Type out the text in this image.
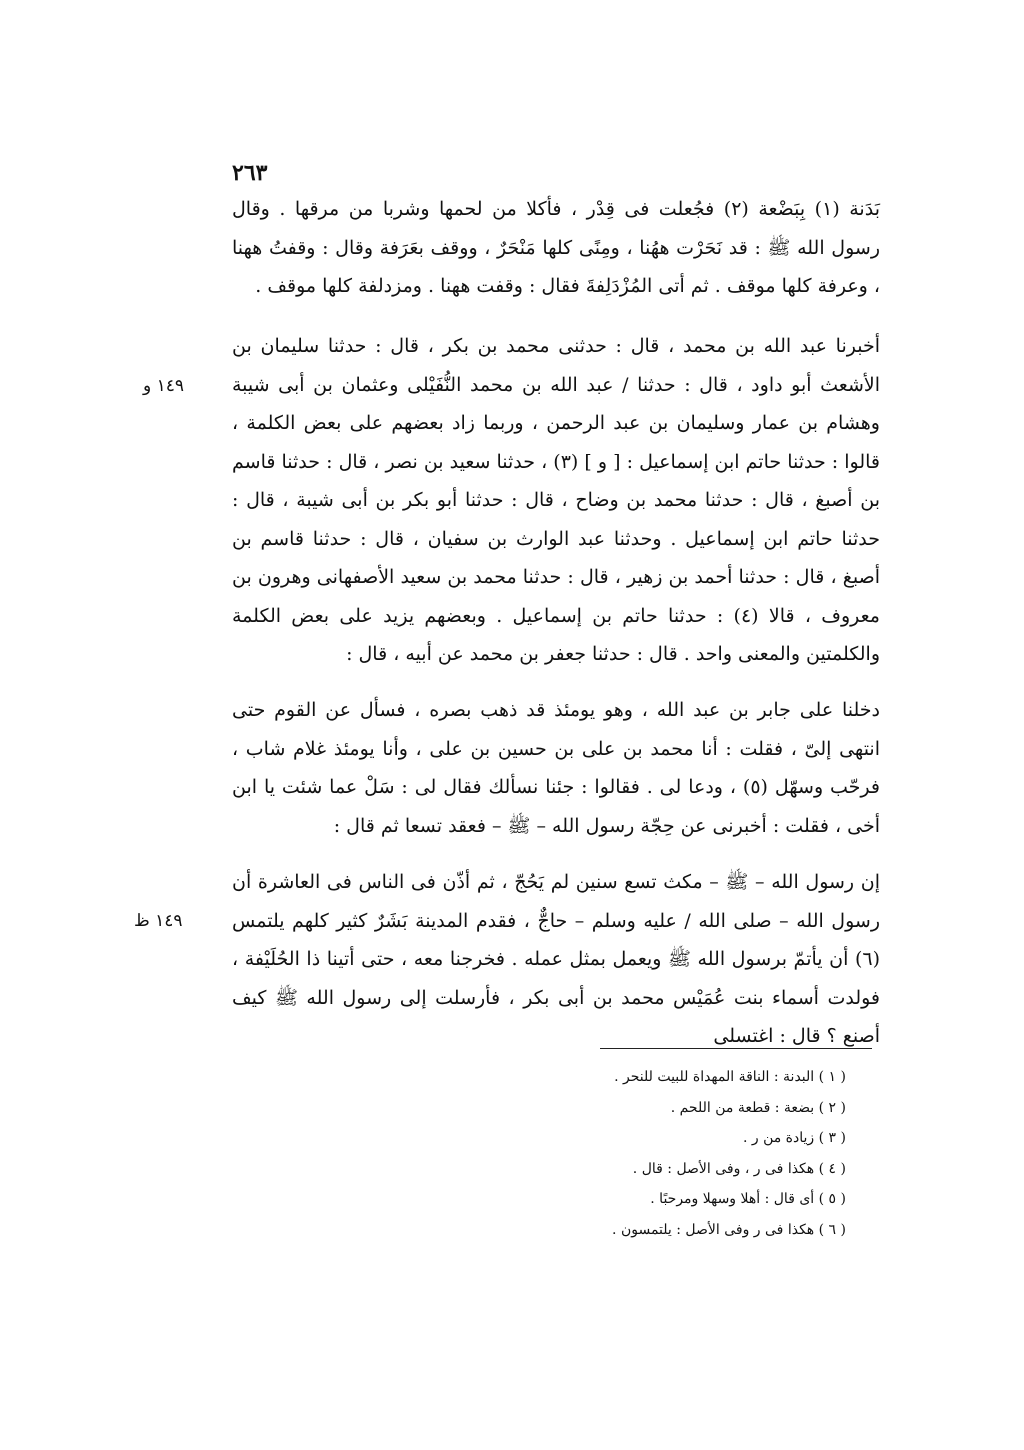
٢٦٣
١٤٩ و
١٤٩ ظ

بَدَنة (١) بِبَضْعة (٢) فجُعلت فى قِدْر ، فأكلا من لحمها وشربا من مرقها . وقال رسول الله ﷺ : قد نَحَرْت ههُنا ، ومِنًى كلها مَنْحَرٌ ، ووقف بعَرَفة وقال : وقفتُ ههنا ، وعرفة كلها موقف . ثم أتى المُزْدَلِفةَ فقال : وقفت ههنا . ومزدلفة كلها موقف .

أخبرنا عبد الله بن محمد ، قال : حدثنى محمد بن بكر ، قال : حدثنا سليمان بن الأشعث أبو داود ، قال : حدثنا / عبد الله بن محمد النُّفَيْلى وعثمان بن أبى شيبة وهشام بن عمار وسليمان بن عبد الرحمن ، وربما زاد بعضهم على بعض الكلمة ، قالوا : حدثنا حاتم ابن إسماعيل : [ و ] (٣) ، حدثنا سعيد بن نصر ، قال : حدثنا قاسم بن أصبغ ، قال : حدثنا محمد بن وضاح ، قال : حدثنا أبو بكر بن أبى شيبة ، قال : حدثنا حاتم ابن إسماعيل . وحدثنا عبد الوارث بن سفيان ، قال : حدثنا قاسم بن أصبغ ، قال : حدثنا أحمد بن زهير ، قال : حدثنا محمد بن سعيد الأصفهانى وهرون بن معروف ، قالا (٤) : حدثنا حاتم بن إسماعيل . وبعضهم يزيد على بعض الكلمة والكلمتين والمعنى واحد . قال : حدثنا جعفر بن محمد عن أبيه ، قال :

دخلنا على جابر بن عبد الله ، وهو يومئذ قد ذهب بصره ، فسأل عن القوم حتى انتهى إلىّ ، فقلت : أنا محمد بن على بن حسين بن على ، وأنا يومئذ غلام شاب ، فرحّب وسهّل (٥) ، ودعا لى . فقالوا : جئنا نسألك فقال لى : سَلْ عما شئت يا ابن أخى ، فقلت : أخبرنى عن حِجّة رسول الله – ﷺ – فعقد تسعا ثم قال :

إن رسول الله – ﷺ – مكث تسع سنين لم يَحُجّ ، ثم أذّن فى الناس فى العاشرة أن رسول الله – صلى الله / عليه وسلم – حاجٌّ ، فقدم المدينة بَشَرٌ كثير كلهم يلتمس (٦) أن يأتمّ برسول الله ﷺ ويعمل بمثل عمله . فخرجنا معه ، حتى أتينا ذا الحُلَيْفة ، فولدت أسماء بنت عُمَيْس محمد بن أبى بكر ، فأرسلت إلى رسول الله ﷺ كيف أصنع ؟ قال : اغتسلى

( ١ ) البدنة : الناقة المهداة للبيت للنحر .
( ٢ ) بضعة : قطعة من اللحم .
( ٣ ) زيادة من ر .
( ٤ ) هكذا فى ر ، وفى الأصل : قال .
( ٥ ) أى قال : أهلا وسهلا ومرحبًا .
( ٦ ) هكذا فى ر وفى الأصل : يلتمسون .
